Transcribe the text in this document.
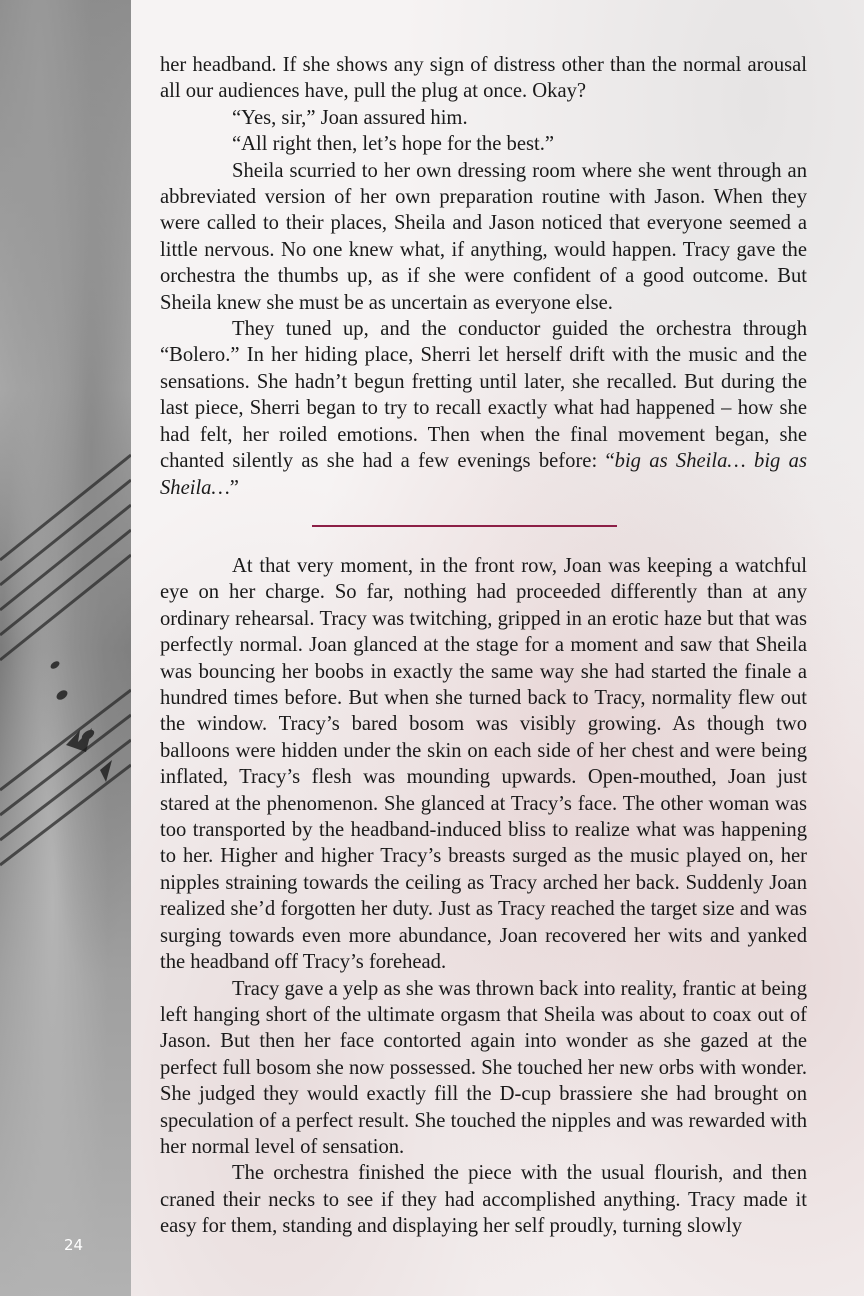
24

her headband. If she shows any sign of distress other than the normal arousal all our audiences have, pull the plug at once. Okay?

“Yes, sir,” Joan assured him.

“All right then, let’s hope for the best.”

Sheila scurried to her own dressing room where she went through an abbreviated version of her own preparation routine with Jason. When they were called to their places, Sheila and Jason noticed that everyone seemed a little nervous. No one knew what, if anything, would happen. Tracy gave the orchestra the thumbs up, as if she were confident of a good outcome. But Sheila knew she must be as uncertain as everyone else.

They tuned up, and the conductor guided the orchestra through “Bolero.” In her hiding place, Sherri let herself drift with the music and the sensations. She hadn’t begun fretting until later, she recalled. But during the last piece, Sherri began to try to recall exactly what had happened – how she had felt, her roiled emotions. Then when the final movement began, she chanted silently as she had a few evenings before: “big as Sheila… big as Sheila…”

At that very moment, in the front row, Joan was keeping a watchful eye on her charge. So far, nothing had proceeded differently than at any ordinary rehearsal. Tracy was twitching, gripped in an erotic haze but that was perfectly normal. Joan glanced at the stage for a moment and saw that Sheila was bouncing her boobs in exactly the same way she had started the finale a hundred times before. But when she turned back to Tracy, normality flew out the window. Tracy’s bared bosom was visibly growing. As though two balloons were hidden under the skin on each side of her chest and were being inflated, Tracy’s flesh was mounding upwards. Open-mouthed, Joan just stared at the phenomenon. She glanced at Tracy’s face. The other woman was too transported by the headband-induced bliss to realize what was happening to her. Higher and higher Tracy’s breasts surged as the music played on, her nipples straining towards the ceiling as Tracy arched her back. Suddenly Joan realized she’d forgotten her duty. Just as Tracy reached the target size and was surging towards even more abundance, Joan recovered her wits and yanked the headband off Tracy’s forehead.

Tracy gave a yelp as she was thrown back into reality, frantic at being left hanging short of the ultimate orgasm that Sheila was about to coax out of Jason. But then her face contorted again into wonder as she gazed at the perfect full bosom she now possessed. She touched her new orbs with wonder. She judged they would exactly fill the D-cup brassiere she had brought on speculation of a perfect result. She touched the nipples and was rewarded with her normal level of sensation.

The orchestra finished the piece with the usual flourish, and then craned their necks to see if they had accomplished anything. Tracy made it easy for them, standing and displaying her self proudly, turning slowly
